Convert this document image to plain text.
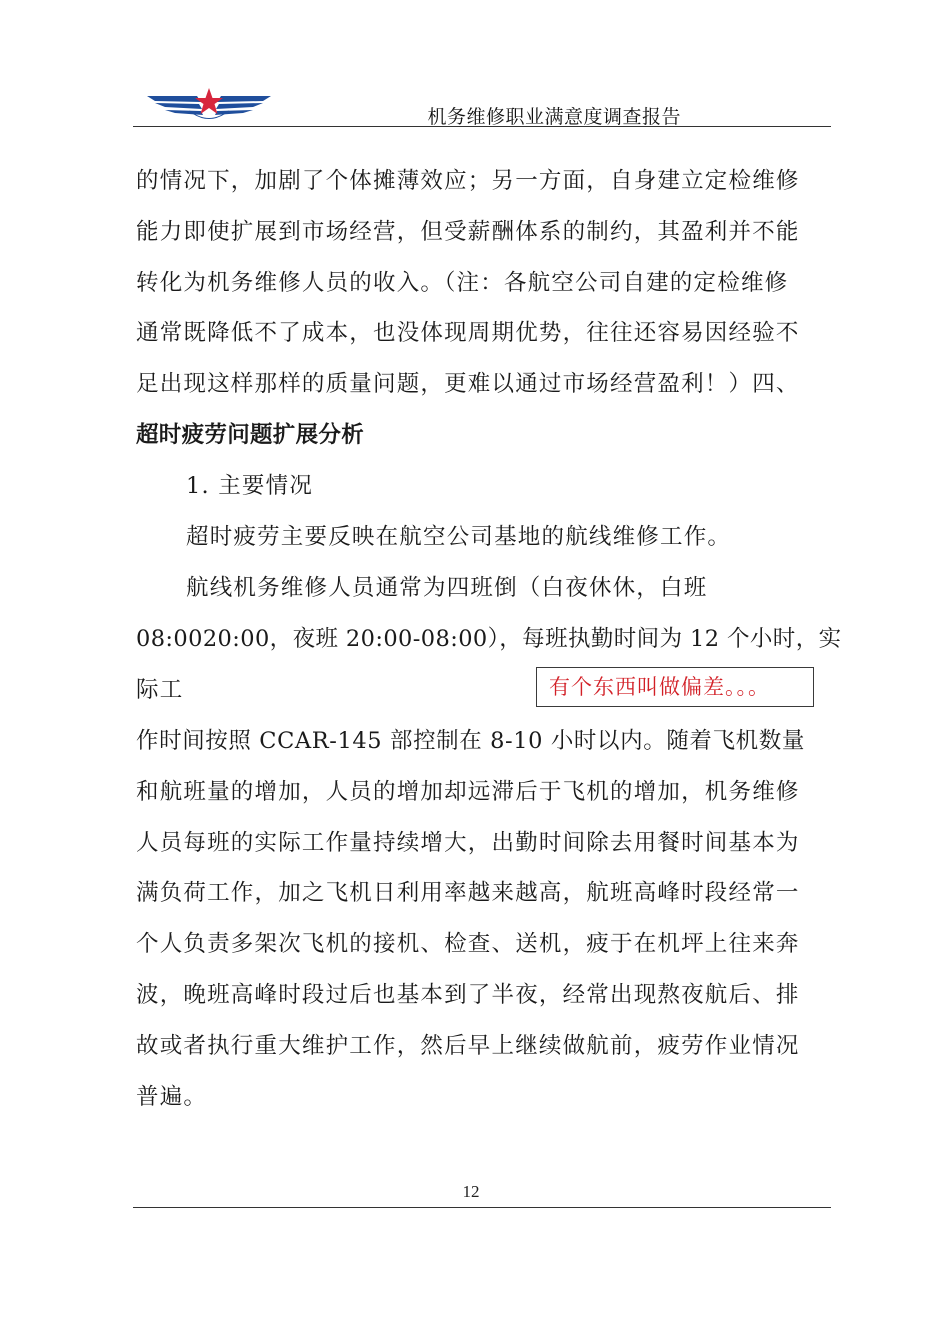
机务维修职业满意度调查报告
的情况下，加剧了个体摊薄效应；另一方面，自身建立定检维修
能力即使扩展到市场经营，但受薪酬体系的制约，其盈利并不能
转化为机务维修人员的收入。（注：各航空公司自建的定检维修
通常既降低不了成本，也没体现周期优势，往往还容易因经验不
足出现这样那样的质量问题，更难以通过市场经营盈利！）四、
超时疲劳问题扩展分析
1. 主要情况
超时疲劳主要反映在航空公司基地的航线维修工作。
航线机务维修人员通常为四班倒（白夜休休，白班
08:0020:00，夜班 20:00-08:00），每班执勤时间为 12 个小时，实
际工	有个东西叫做偏差。。。
作时间按照 CCAR-145 部控制在 8-10 小时以内。随着飞机数量
和航班量的增加，人员的增加却远滞后于飞机的增加，机务维修
人员每班的实际工作量持续增大，出勤时间除去用餐时间基本为
满负荷工作，加之飞机日利用率越来越高，航班高峰时段经常一
个人负责多架次飞机的接机、检查、送机，疲于在机坪上往来奔
波，晚班高峰时段过后也基本到了半夜，经常出现熬夜航后、排
故或者执行重大维护工作，然后早上继续做航前，疲劳作业情况
普遍。
12
